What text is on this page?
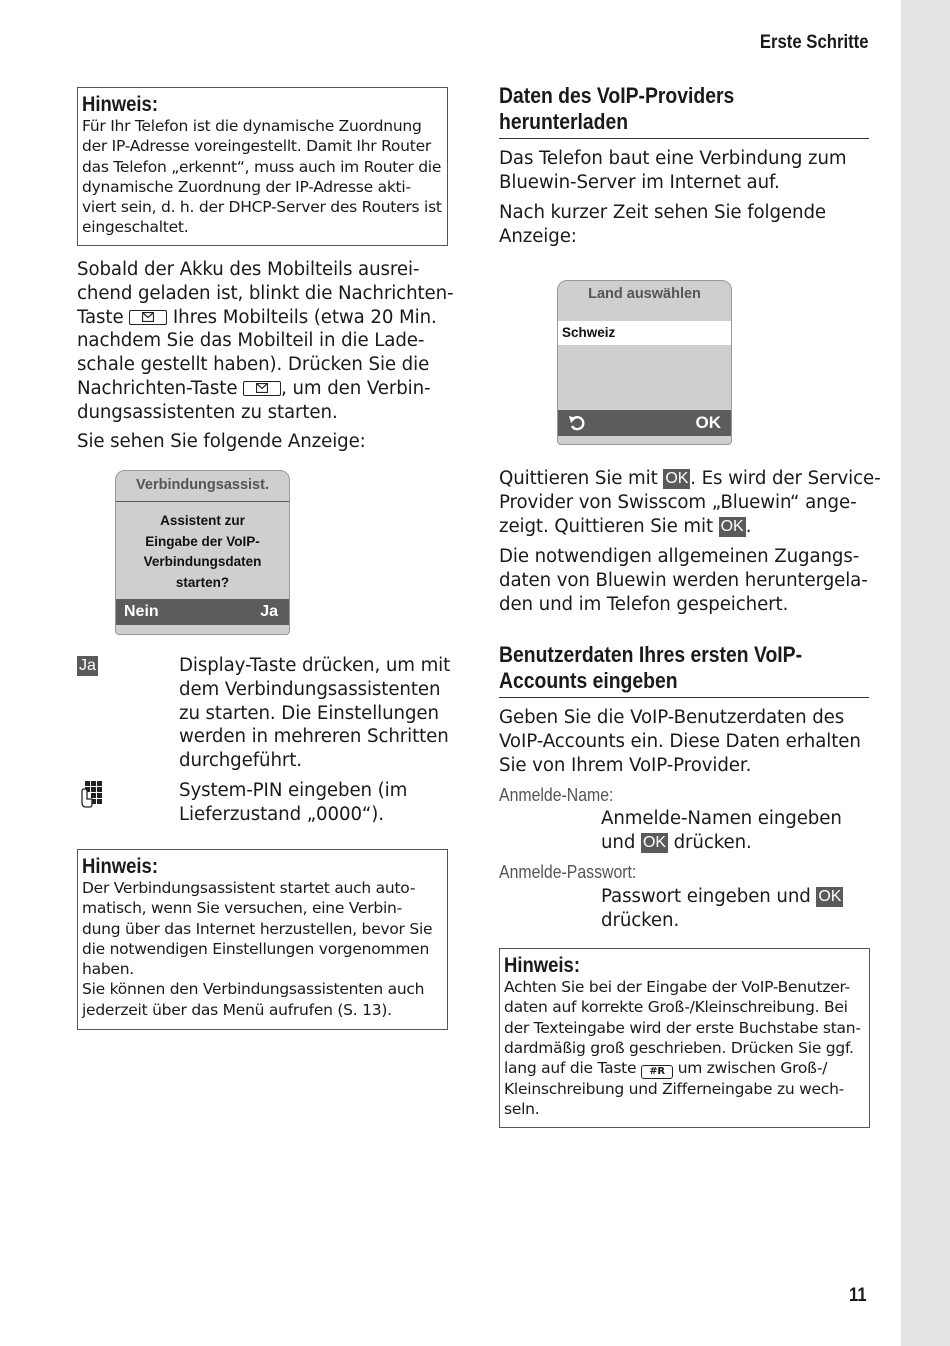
Erste Schritte
Hinweis:
Für Ihr Telefon ist die dynamische Zuordnung
der IP-Adresse voreingestellt. Damit Ihr Router
das Telefon „erkennt“, muss auch im Router die
dynamische Zuordnung der IP-Adresse akti-
viert sein, d. h. der DHCP-Server des Routers ist
eingeschaltet.
Sobald der Akku des Mobilteils ausrei-
chend geladen ist, blinkt die Nachrichten-
Taste	Ihres Mobilteils (etwa 20 Min.
nachdem Sie das Mobilteil in die Lade-
schale gestellt haben). Drücken Sie die
Nachrichten-Taste , um den Verbin-
dungsassistenten zu starten.
Sie sehen Sie folgende Anzeige:
Verbindungsassist.
Assistent zur
Eingabe der VoIP-
Verbindungsdaten
starten?
Nein	Ja
Ja	Display-Taste drücken, um mit
dem Verbindungsassistenten
zu starten. Die Einstellungen
werden in mehreren Schritten
durchgeführt.
System-PIN eingeben (im
Lieferzustand „0000“).
Hinweis:
Der Verbindungsassistent startet auch auto-
matisch, wenn Sie versuchen, eine Verbin-
dung über das Internet herzustellen, bevor Sie
die notwendigen Einstellungen vorgenommen
haben.
Sie können den Verbindungsassistenten auch
jederzeit über das Menü aufrufen (S. 13).
Daten des VoIP-Providers
herunterladen
Das Telefon baut eine Verbindung zum
Bluewin-Server im Internet auf.
Nach kurzer Zeit sehen Sie folgende
Anzeige:
Land auswählen
Schweiz
OK
Quittieren Sie mit OK . Es wird der Service-
Provider von Swisscom „Bluewin“ ange-
zeigt. Quittieren Sie mit OK .
Die notwendigen allgemeinen Zugangs-
daten von Bluewin werden heruntergela-
den und im Telefon gespeichert.
Benutzerdaten Ihres ersten VoIP-
Accounts eingeben
Geben Sie die VoIP-Benutzerdaten des
VoIP-Accounts ein. Diese Daten erhalten
Sie von Ihrem VoIP-Provider.
Anmelde-Name:
Anmelde-Namen eingeben
und OK drücken.
Anmelde-Passwort:
Passwort eingeben und OK
drücken.
Hinweis:
Achten Sie bei der Eingabe der VoIP-Benutzer-
daten auf korrekte Groß-/Kleinschreibung. Bei
der Texteingabe wird der erste Buchstabe stan-
dardmäßig groß geschrieben. Drücken Sie ggf.
lang auf die Taste #R um zwischen Groß-/
Kleinschreibung und Zifferneingabe zu wech-
seln.
11
